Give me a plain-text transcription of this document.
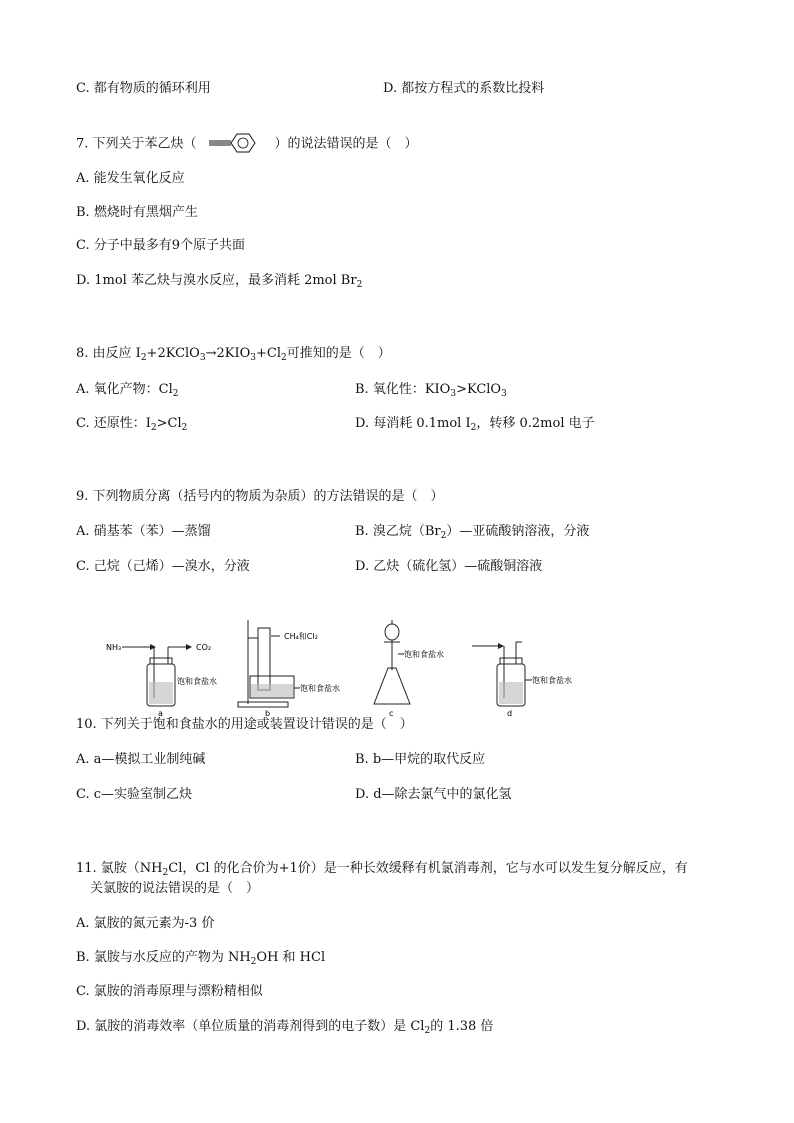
C. 都有物质的循环利用	D. 都按方程式的系数比投料
7. 下列关于苯乙炔（	）的说法错误的是（　）
A. 能发生氧化反应
B. 燃烧时有黑烟产生
C. 分子中最多有9个原子共面
D. 1mol 苯乙炔与溴水反应，最多消耗 2mol $Br_2$
8. 由反应 $I_2+2KClO_3\to 2KIO_3+Cl_2$可推知的是（　）
A. 氧化产物：$Cl_2$	B. 氧化性：$KIO_3>KClO_3$
C. 还原性：$I_2>Cl_2$	D. 每消耗 0.1mol $I_2$，转移 0.2mol 电子
9. 下列物质分离（括号内的物质为杂质）的方法错误的是（　）
A. 硝基苯（苯）—蒸馏	B. 溴乙烷$(Br_2)—$亚硫酸钠溶液，分液
C. 己烷（己烯）—溴水，分液	D. 乙炔（硫化氢）—硫酸铜溶液
NH₃	CO₂
饱和食盐水
a
CH₄和Cl₂
饱和食盐水
b
饱和食盐水
c
饱和食盐水
d
10. 下列关于饱和食盐水的用途或装置设计错误的是（　）
A. a—模拟工业制纯碱	B. b—甲烷的取代反应
C. c—实验室制乙炔	D. d—除去氯气中的氯化氢
11. 氯胺（$NH_2Cl$，Cl 的化合价为+1价）是一种长效缓释有机氯消毒剂，它与水可以发生复分解反应，有
关氯胺的说法错误的是（　）
A. 氯胺的氮元素为-3 价
B. 氯胺与水反应的产物为 $NH_2OH$ 和 HCl
C. 氯胺的消毒原理与漂粉精相似
D. 氯胺的消毒效率（单位质量的消毒剂得到的电子数）是 $Cl_2$的 1.38 倍
